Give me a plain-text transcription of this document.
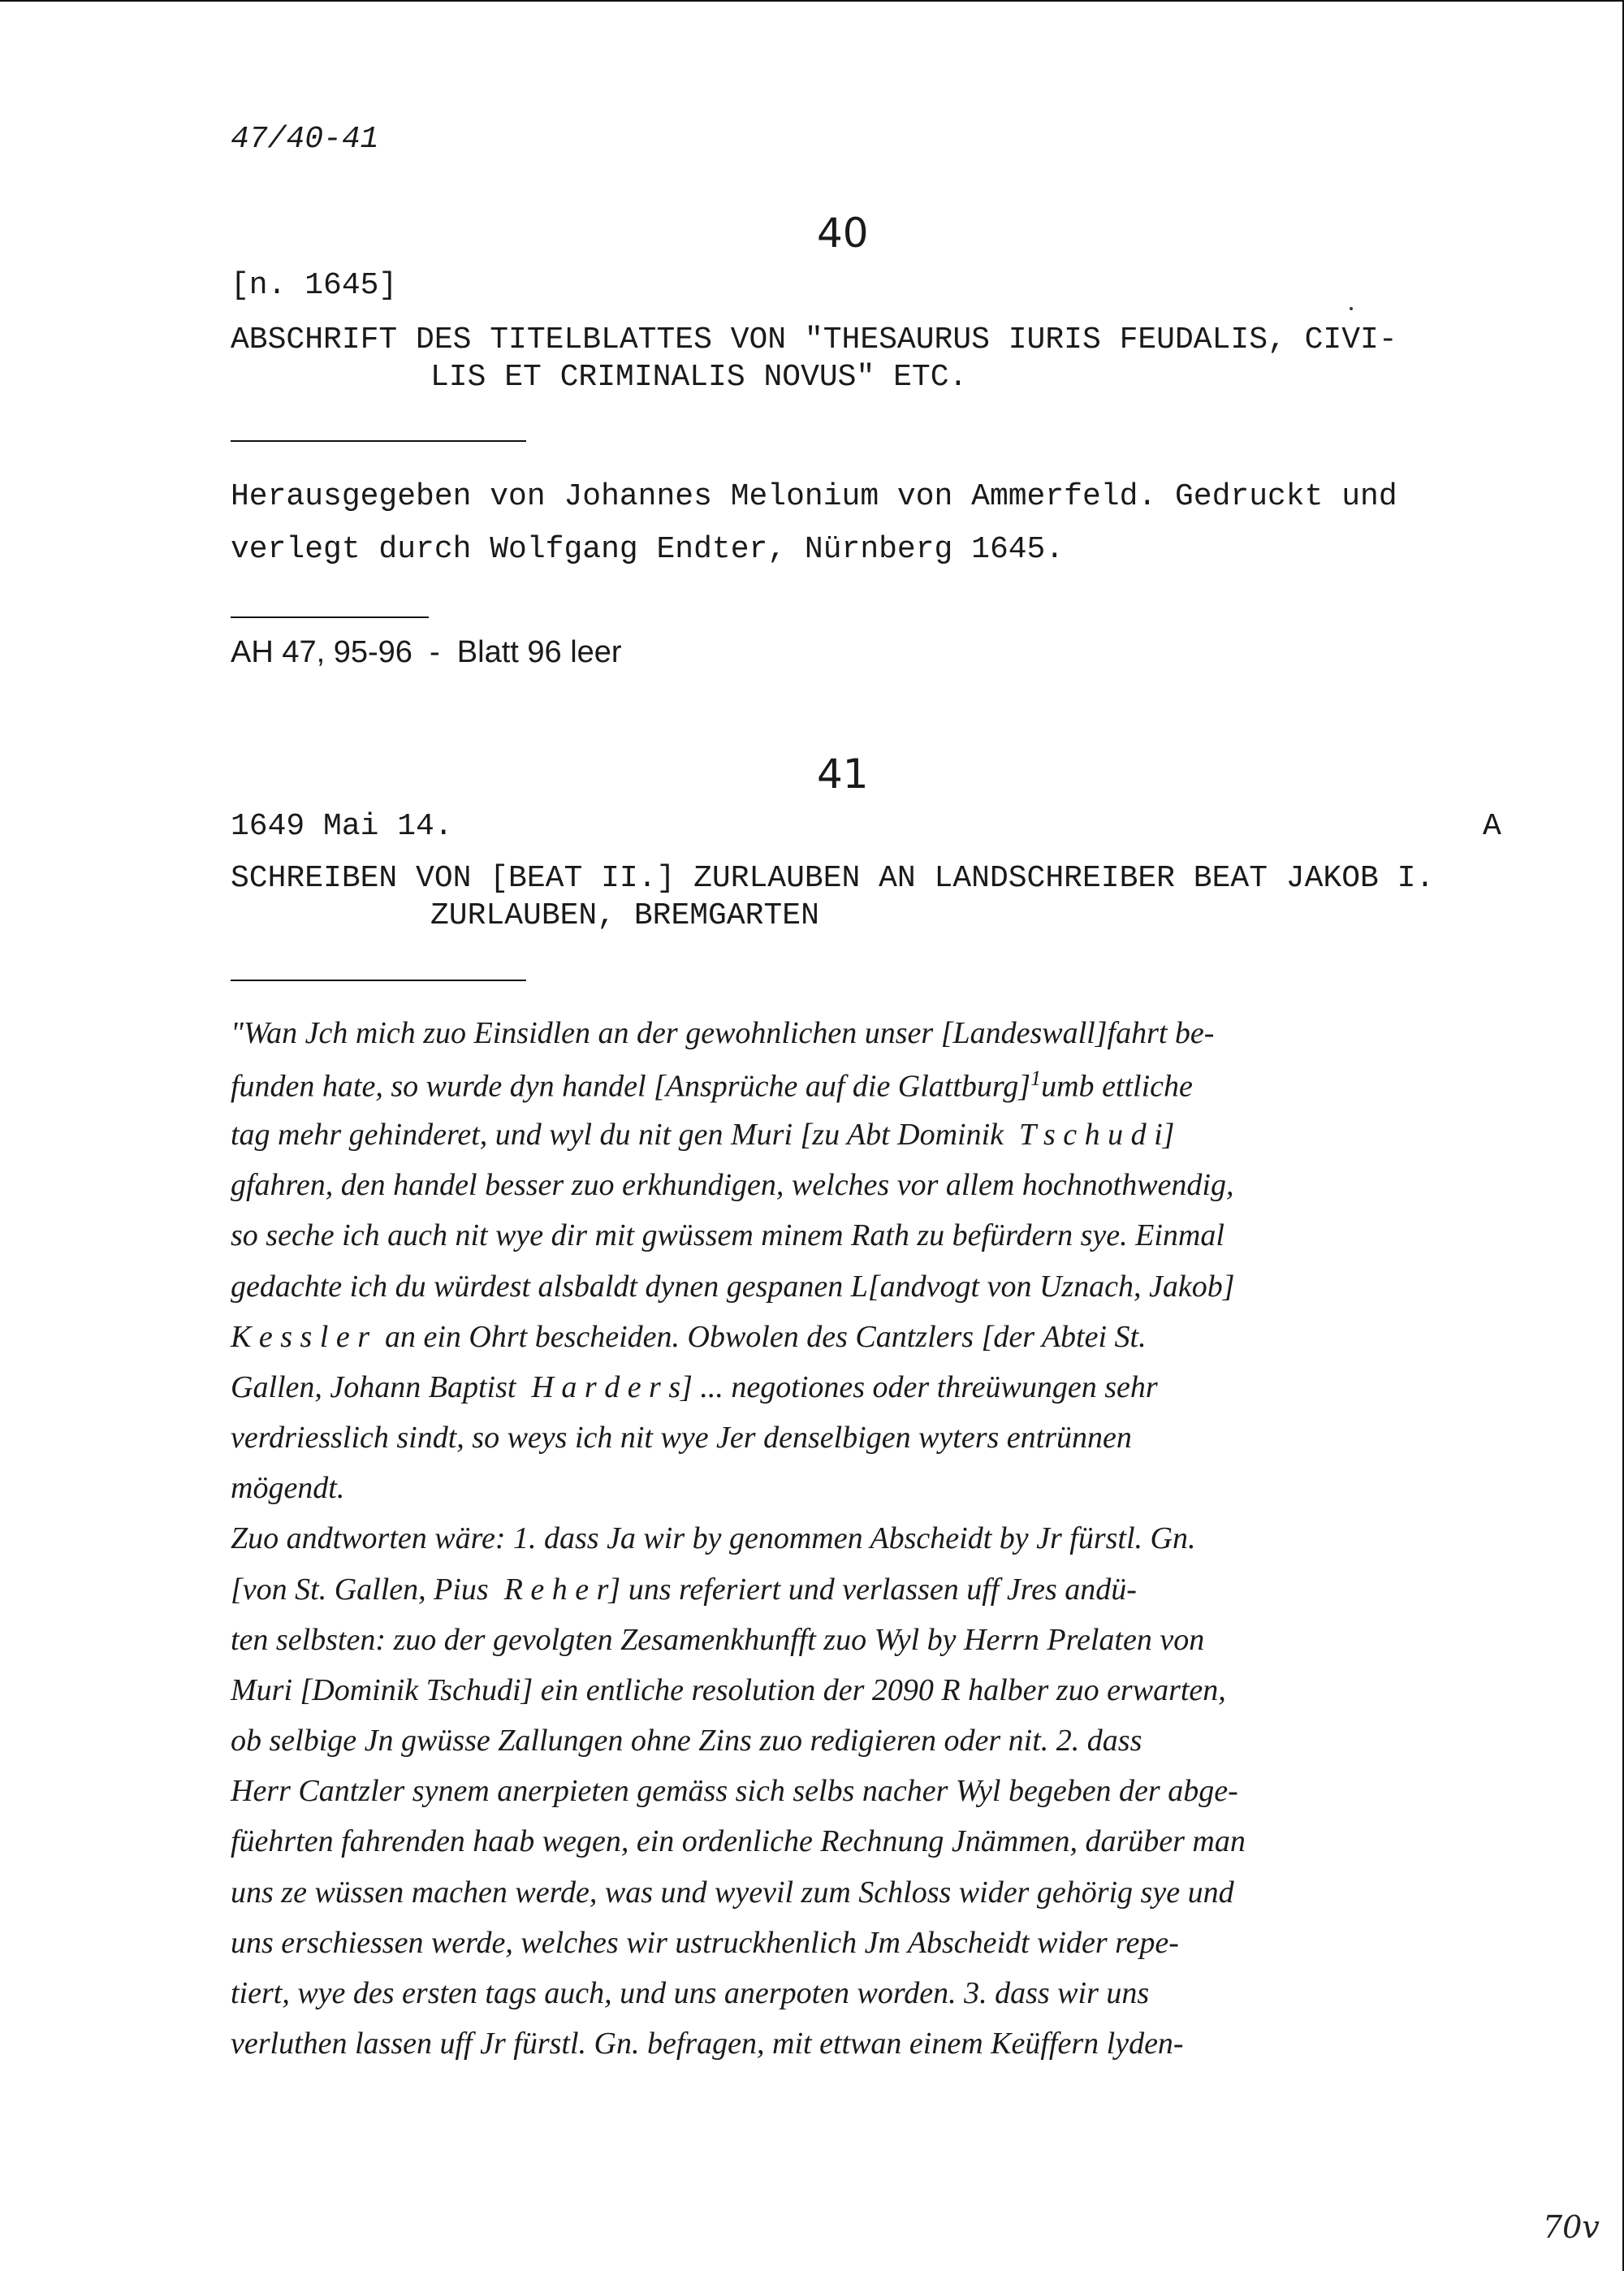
47/40-41
40
[n. 1645]
ABSCHRIFT DES TITELBLATTES VON "THESAURUS IURIS FEUDALIS, CIVI-
LIS ET CRIMINALIS NOVUS" ETC.
Herausgegeben von Johannes Melonium von Ammerfeld. Gedruckt und
verlegt durch Wolfgang Endter, Nürnberg 1645.
AH 47, 95-96  -  Blatt 96 leer
41
1649 Mai 14.	A
SCHREIBEN VON [BEAT II.] ZURLAUBEN AN LANDSCHREIBER BEAT JAKOB I.
ZURLAUBEN, BREMGARTEN
"Wan Jch mich zuo Einsidlen an der gewohnlichen unser [Landeswall]fahrt be-
funden hate, so wurde dyn handel [Ansprüche auf die Glattburg]$^1$umb ettliche
tag mehr gehinderet, und wyl du nit gen Muri [zu Abt Dominik  T s c h u d i]
gfahren, den handel besser zuo erkhundigen, welches vor allem hochnothwendig,
so seche ich auch nit wye dir mit gwüssem minem Rath zu befürdern sye. Einmal
gedachte ich du würdest alsbaldt dynen gespanen L[andvogt von Uznach, Jakob]
K e s s l e r  an ein Ohrt bescheiden. Obwolen des Cantzlers [der Abtei St.
Gallen, Johann Baptist  H a r d e r s] ... negotiones oder threüwungen sehr
verdriesslich sindt, so weys ich nit wye Jer denselbigen wyters entrünnen
mögendt.
Zuo andtworten wäre: 1. dass Ja wir by genommen Abscheidt by Jr fürstl. Gn.
[von St. Gallen, Pius  R e h e r] uns referiert und verlassen uff Jres andü-
ten selbsten: zuo der gevolgten Zesamenkhunfft zuo Wyl by Herrn Prelaten von
Muri [Dominik Tschudi] ein entliche resolution der 2090 R halber zuo erwarten,
ob selbige Jn gwüsse Zallungen ohne Zins zuo redigieren oder nit. 2. dass
Herr Cantzler synem anerpieten gemäss sich selbs nacher Wyl begeben der abge-
füehrten fahrenden haab wegen, ein ordenliche Rechnung Jnämmen, darüber man
uns ze wüssen machen werde, was und wyevil zum Schloss wider gehörig sye und
uns erschiessen werde, welches wir ustruckhenlich Jm Abscheidt wider repe-
tiert, wye des ersten tags auch, und uns anerpoten worden. 3. dass wir uns
verluthen lassen uff Jr fürstl. Gn. befragen, mit ettwan einem Keüffern lyden-
70v
